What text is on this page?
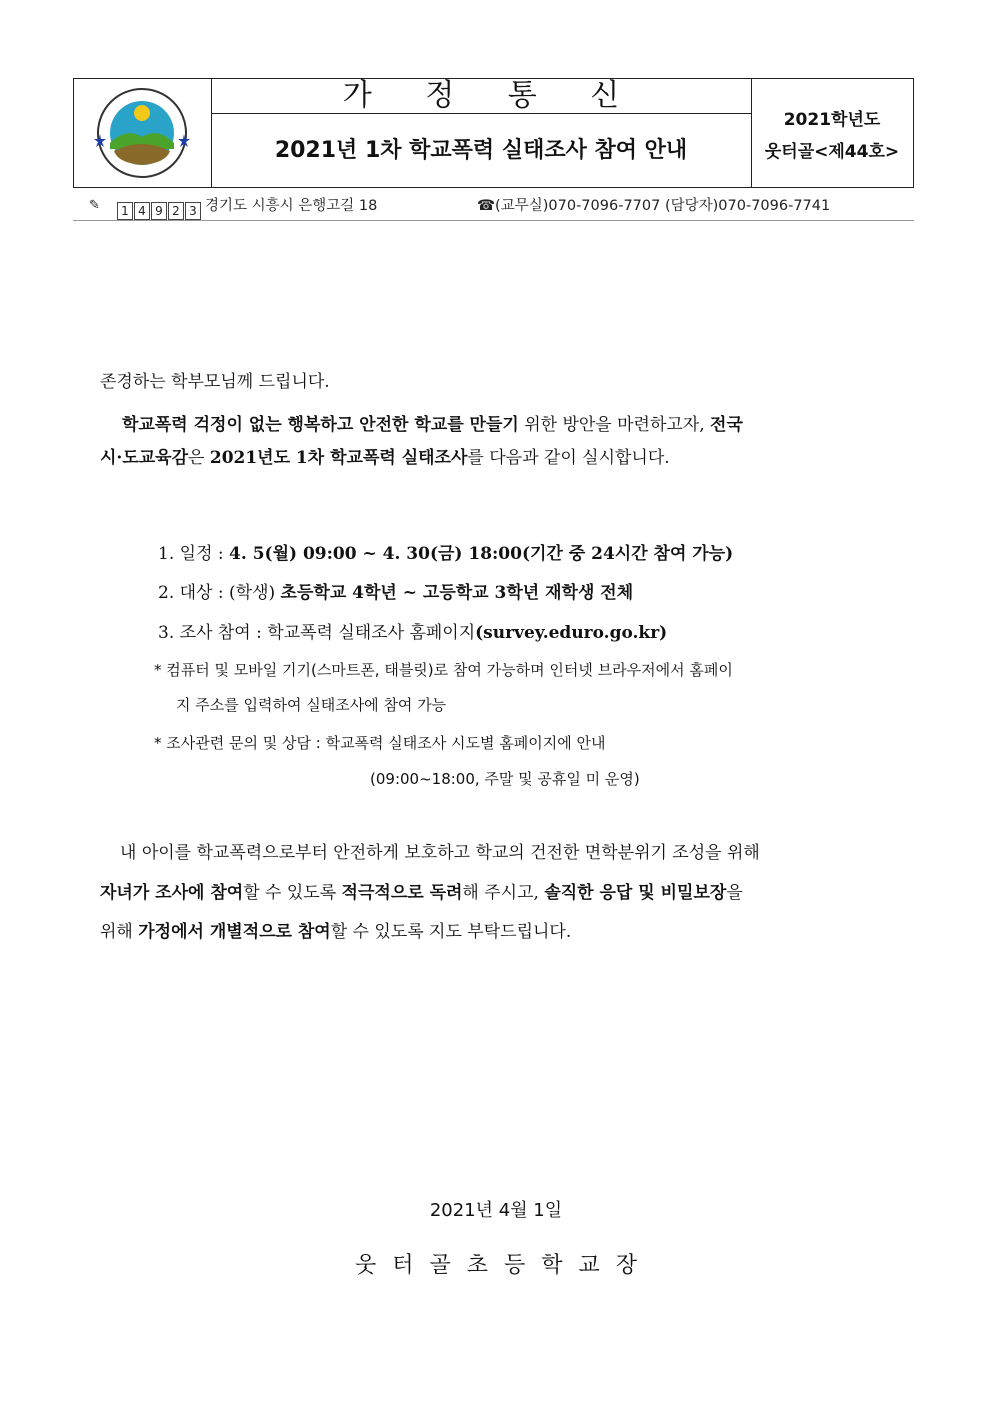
가 정 통 신
2021년 1차 학교폭력 실태조사 참여 안내
2021학년도
웃터골<제44호>
✎	1 4 9 2 3 경기도 시흥시 은행고길 18	☎(교무실)070-7096-7707 (담당자)070-7096-7741
존경하는 학부모님께 드립니다.
학교폭력 걱정이 없는 행복하고 안전한 학교를 만들기 위한 방안을 마련하고자, 전국
시·도교육감은 2021년도 1차 학교폭력 실태조사를 다음과 같이 실시합니다.
1. 일정 : 4. 5(월) 09:00 ~ 4. 30(금) 18:00(기간 중 24시간 참여 가능)
2. 대상 : (학생) 초등학교 4학년 ~ 고등학교 3학년 재학생 전체
3. 조사 참여 : 학교폭력 실태조사 홈페이지(survey.eduro.go.kr)
* 컴퓨터 및 모바일 기기(스마트폰, 태블릿)로 참여 가능하며 인터넷 브라우저에서 홈페이
지 주소를 입력하여 실태조사에 참여 가능
* 조사관련 문의 및 상담 : 학교폭력 실태조사 시도별 홈페이지에 안내
(09:00~18:00, 주말 및 공휴일 미 운영)
내 아이를 학교폭력으로부터 안전하게 보호하고 학교의 건전한 면학분위기 조성을 위해
자녀가 조사에 참여할 수 있도록 적극적으로 독려해 주시고, 솔직한 응답 및 비밀보장을
위해 가정에서 개별적으로 참여할 수 있도록 지도 부탁드립니다.
2021년 4월 1일
웃터골초등학교장
